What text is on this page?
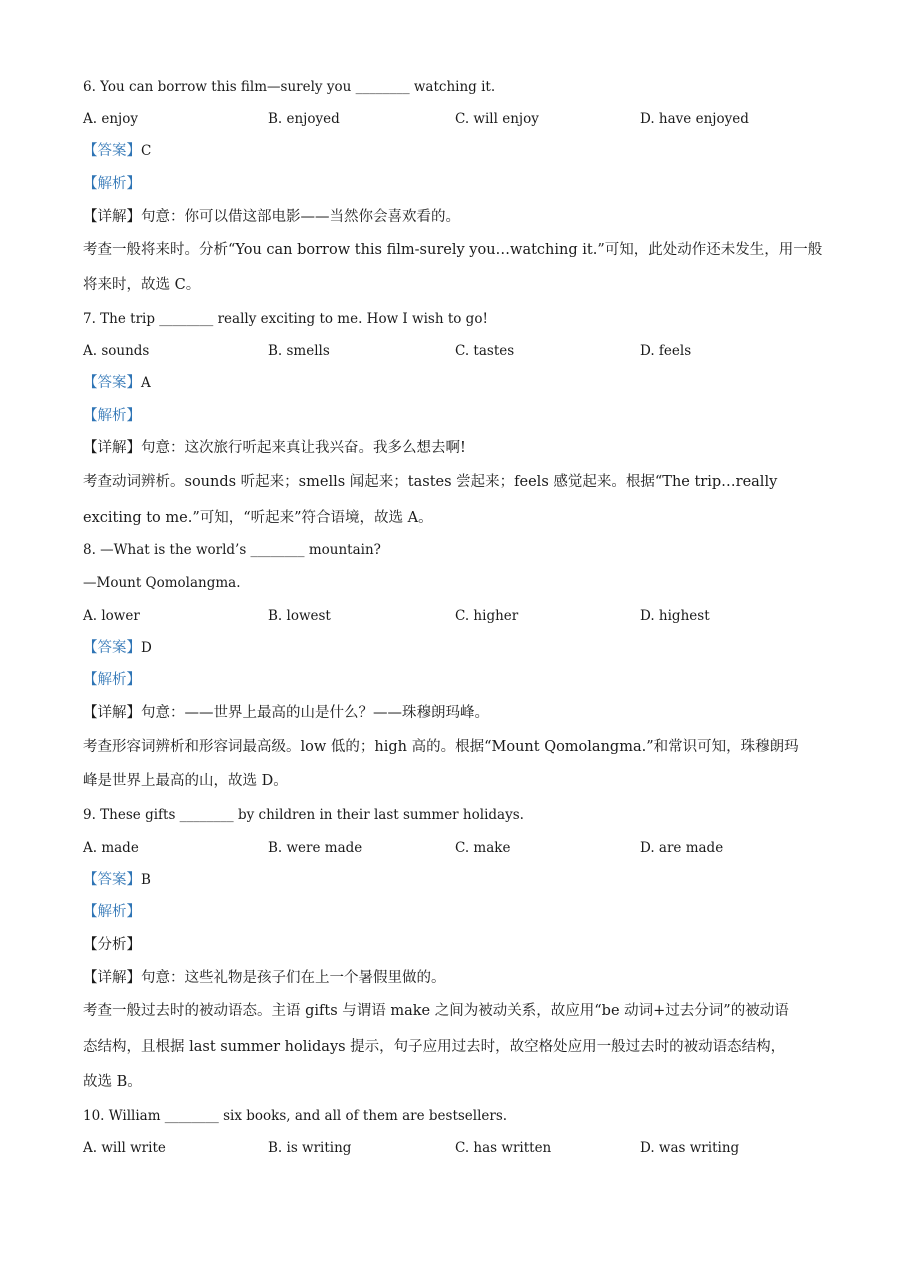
6. You can borrow this film—surely you ________ watching it.
A. enjoy	B. enjoyed	C. will enjoy	D. have enjoyed
【答案】C
【解析】
【详解】句意：你可以借这部电影——当然你会喜欢看的。
考查一般将来时。分析“You can borrow this film-surely you…watching it.”可知，此处动作还未发生，用一般
将来时，故选 C。
7. The trip ________ really exciting to me. How I wish to go!
A. sounds	B. smells	C. tastes	D. feels
【答案】A
【解析】
【详解】句意：这次旅行听起来真让我兴奋。我多么想去啊!
考查动词辨析。sounds 听起来；smells 闻起来；tastes 尝起来；feels 感觉起来。根据“The trip…really
exciting to me.”可知，“听起来”符合语境，故选 A。
8. —What is the world’s ________ mountain?
—Mount Qomolangma.
A. lower	B. lowest	C. higher	D. highest
【答案】D
【解析】
【详解】句意：——世界上最高的山是什么？——珠穆朗玛峰。
考查形容词辨析和形容词最高级。low 低的；high 高的。根据“Mount Qomolangma.”和常识可知，珠穆朗玛
峰是世界上最高的山，故选 D。
9. These gifts ________ by children in their last summer holidays.
A. made	B. were made	C. make	D. are made
【答案】B
【解析】
【分析】
【详解】句意：这些礼物是孩子们在上一个暑假里做的。
考查一般过去时的被动语态。主语 gifts 与谓语 make 之间为被动关系，故应用“be 动词+过去分词”的被动语
态结构，且根据 last summer holidays 提示，句子应用过去时，故空格处应用一般过去时的被动语态结构，
故选 B。
10. William ________ six books, and all of them are bestsellers.
A. will write	B. is writing	C. has written	D. was writing
